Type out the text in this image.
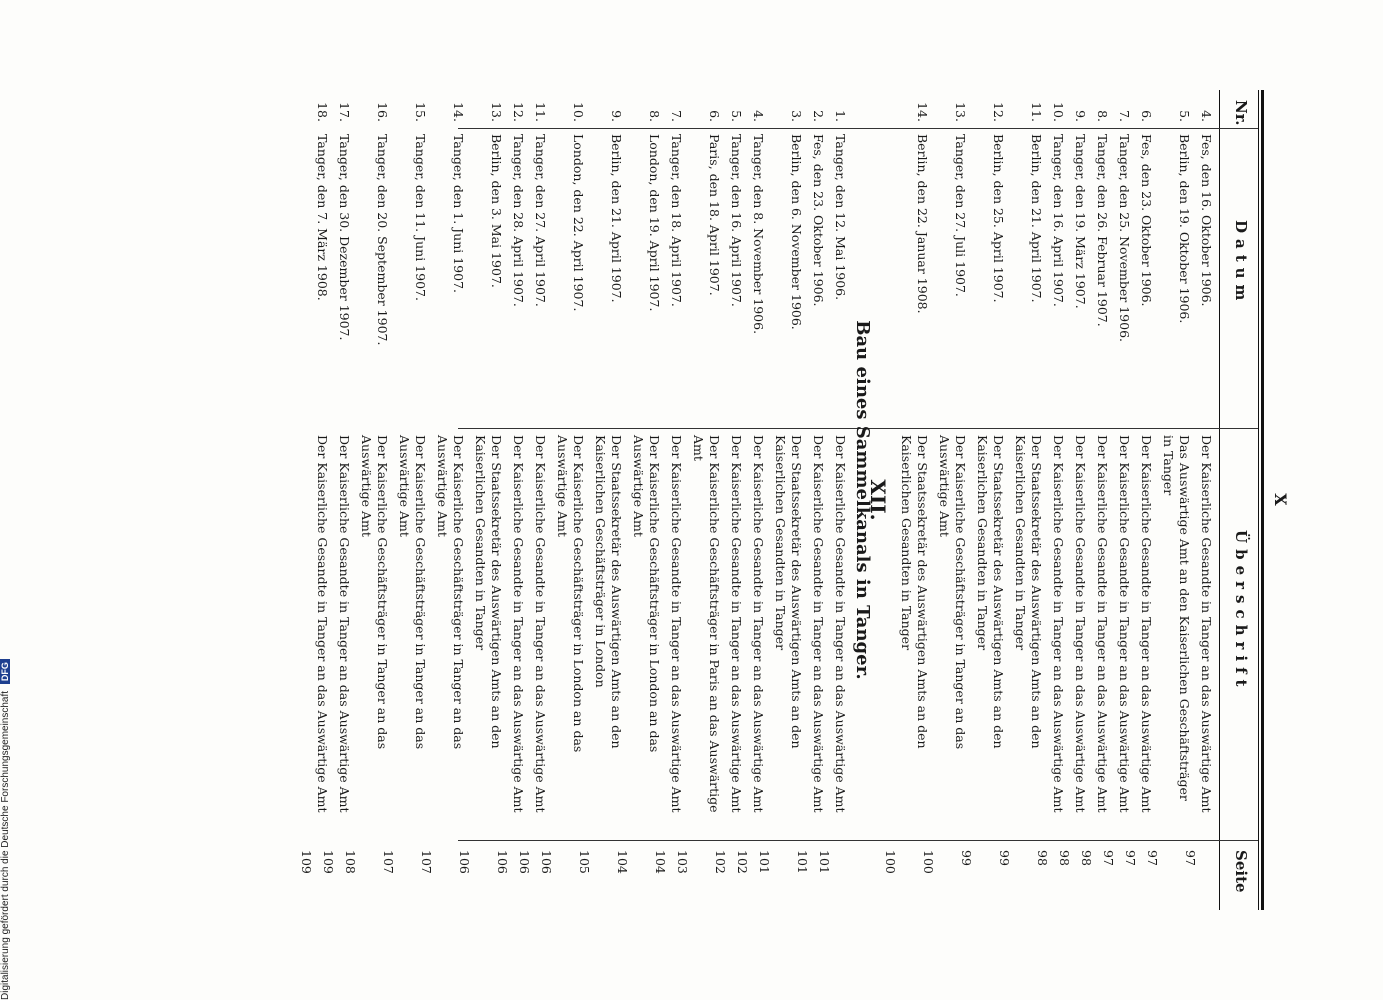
X
Nr.
Datum
Überschrift
Seite
4.
Fes, den 16. Oktober 1906.
Der Kaiserliche Gesandte in Tanger an das Auswärtige Amt
97
5.
Berlin, den 19. Oktober 1906.
Das Auswärtige Amt an den Kaiserlichen Geschäftsträger in Tanger
97
6.
Fes, den 23. Oktober 1906.
Der Kaiserliche Gesandte in Tanger an das Auswärtige Amt
97
7.
Tanger, den 25. November 1906.
Der Kaiserliche Gesandte in Tanger an das Auswärtige Amt
97
8.
Tanger, den 26. Februar 1907.
Der Kaiserliche Gesandte in Tanger an das Auswärtige Amt
98
9.
Tanger, den 19. März 1907.
Der Kaiserliche Gesandte in Tanger an das Auswärtige Amt
98
10.
Tanger, den 16. April 1907.
Der Kaiserliche Gesandte in Tanger an das Auswärtige Amt
98
11.
Berlin, den 21. April 1907.
Der Staatssekretär des Auswärtigen Amts an den Kaiserlichen Gesandten in Tanger
99
12.
Berlin, den 25. April 1907.
Der Staatssekretär des Auswärtigen Amts an den Kaiserlichen Gesandten in Tanger
99
13.
Tanger, den 27. Juli 1907.
Der Kaiserliche Geschäftsträger in Tanger an das Auswärtige Amt
100
14.
Berlin, den 22. Januar 1908.
Der Staatssekretär des Auswärtigen Amts an den Kaiserlichen Gesandten in Tanger
100
XII.
Bau eines Sammelkanals in Tanger.
1.
Tanger, den 12. Mai 1906.
Der Kaiserliche Gesandte in Tanger an das Auswärtige Amt
101
2.
Fes, den 23. Oktober 1906.
Der Kaiserliche Gesandte in Tanger an das Auswärtige Amt
101
3.
Berlin, den 6. November 1906.
Der Staatssekretär des Auswärtigen Amts an den Kaiserlichen Gesandten in Tanger
101
4.
Tanger, den 8. November 1906.
Der Kaiserliche Gesandte in Tanger an das Auswärtige Amt
102
5.
Tanger, den 16. April 1907.
Der Kaiserliche Gesandte in Tanger an das Auswärtige Amt
102
6.
Paris, den 18. April 1907.
Der Kaiserliche Geschäftsträger in Paris an das Auswärtige Amt
103
7.
Tanger, den 18. April 1907.
Der Kaiserliche Gesandte in Tanger an das Auswärtige Amt
104
8.
London, den 19. April 1907.
Der Kaiserliche Geschäftsträger in London an das Auswärtige Amt
104
9.
Berlin, den 21. April 1907.
Der Staatssekretär des Auswärtigen Amts an den Kaiserlichen Geschäftsträger in London
105
10.
London, den 22. April 1907.
Der Kaiserliche Geschäftsträger in London an das Auswärtige Amt
106
11.
Tanger, den 27. April 1907.
Der Kaiserliche Gesandte in Tanger an das Auswärtige Amt
106
12.
Tanger, den 28. April 1907.
Der Kaiserliche Gesandte in Tanger an das Auswärtige Amt
106
13.
Berlin, den 3. Mai 1907.
Der Staatssekretär des Auswärtigen Amts an den Kaiserlichen Gesandten in Tanger
106
14.
Tanger, den 1. Juni 1907.
Der Kaiserliche Geschäftsträger in Tanger an das Auswärtige Amt
107
15.
Tanger, den 11. Juni 1907.
Der Kaiserliche Geschäftsträger in Tanger an das Auswärtige Amt
107
16.
Tanger, den 20. September 1907.
Der Kaiserliche Geschäftsträger in Tanger an das Auswärtige Amt
108
17.
Tanger, den 30. Dezember 1907.
Der Kaiserliche Gesandte in Tanger an das Auswärtige Amt
109
18.
Tanger, den 7. März 1908.
Der Kaiserliche Gesandte in Tanger an das Auswärtige Amt
109
Digitalisierung gefördert durch die Deutsche Forschungsgemeinschaft DFG
